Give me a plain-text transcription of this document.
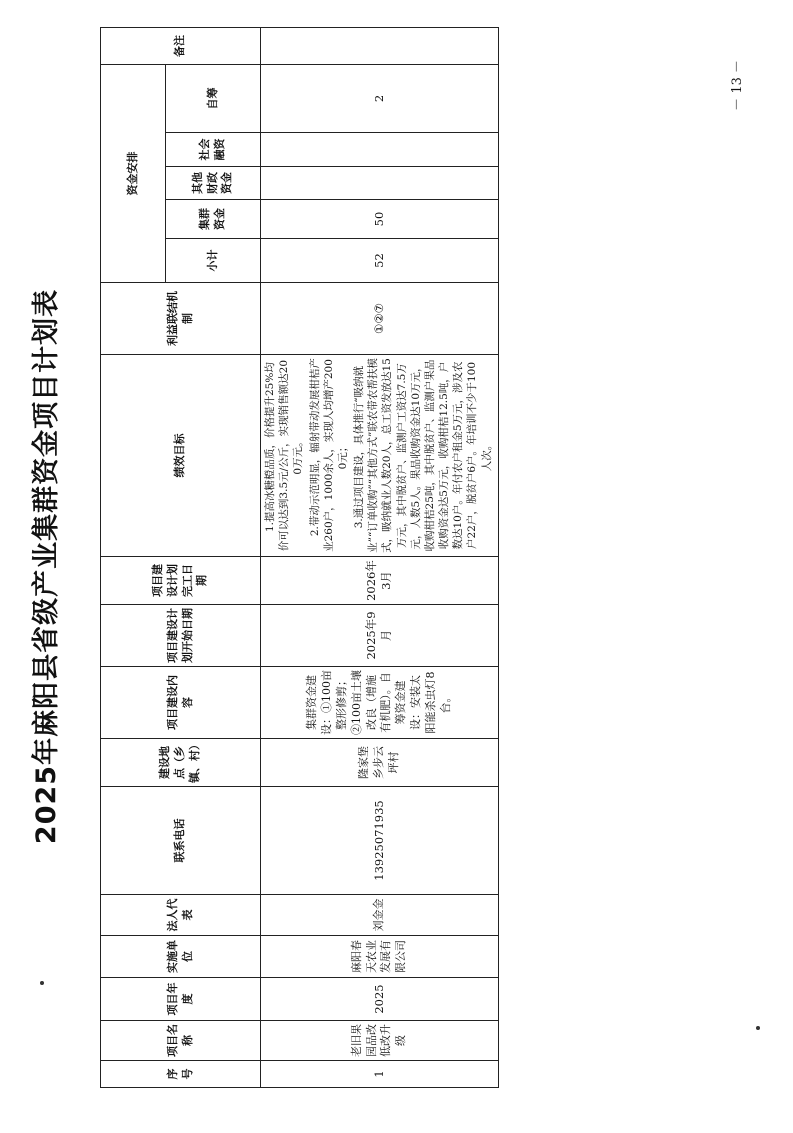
2025年麻阳县省级产业集群资金项目计划表
序号	项目名称	项目年度	实施单位	法人代表	联系电话	建设地点（乡镇、村）	项目建设内容	项目建设计划开始日期	项目建设计划完工日期	绩效目标	利益联结机制	资金安排					备注
												小计	集群资金	其他财政资金	社会融资	自筹	
1	老旧果园品改低改升级	2025	麻阳春天农业发展有限公司	刘金金	13925071935	隆家堡乡步云坪村	集群资金建设：①100亩整形修剪；②100亩土壤改良（增施有机肥）。自筹资金建设：安装太阳能杀虫灯8台。	2025年9月	2026年3月	1.提高冰糖橙品质，价格提升25%均价可以达到3.5元/公斤，实现销售额达200万元。 2.带动示范明显，辐射带动发展柑桔产业260户，1000余人，实现人均增产2000元； 3.通过项目建设，具体推行“吸纳就业”“订单收购”“其他方式”联农带农帮扶模式，吸纳就业人数20人，总工资发放达15万元，其中脱贫户、监测户工资达7.5万元，人数5人。果品收购资金达10万元，收购柑桔25吨，其中脱贫户、监测户果品收购资金达5万元，收购柑桔12.5吨，户数达10户。年付农户租金5万元，涉及农户22户，脱贫户6户。年培训不少于100人次。	①②⑦	52	50			2		－ 13 －
